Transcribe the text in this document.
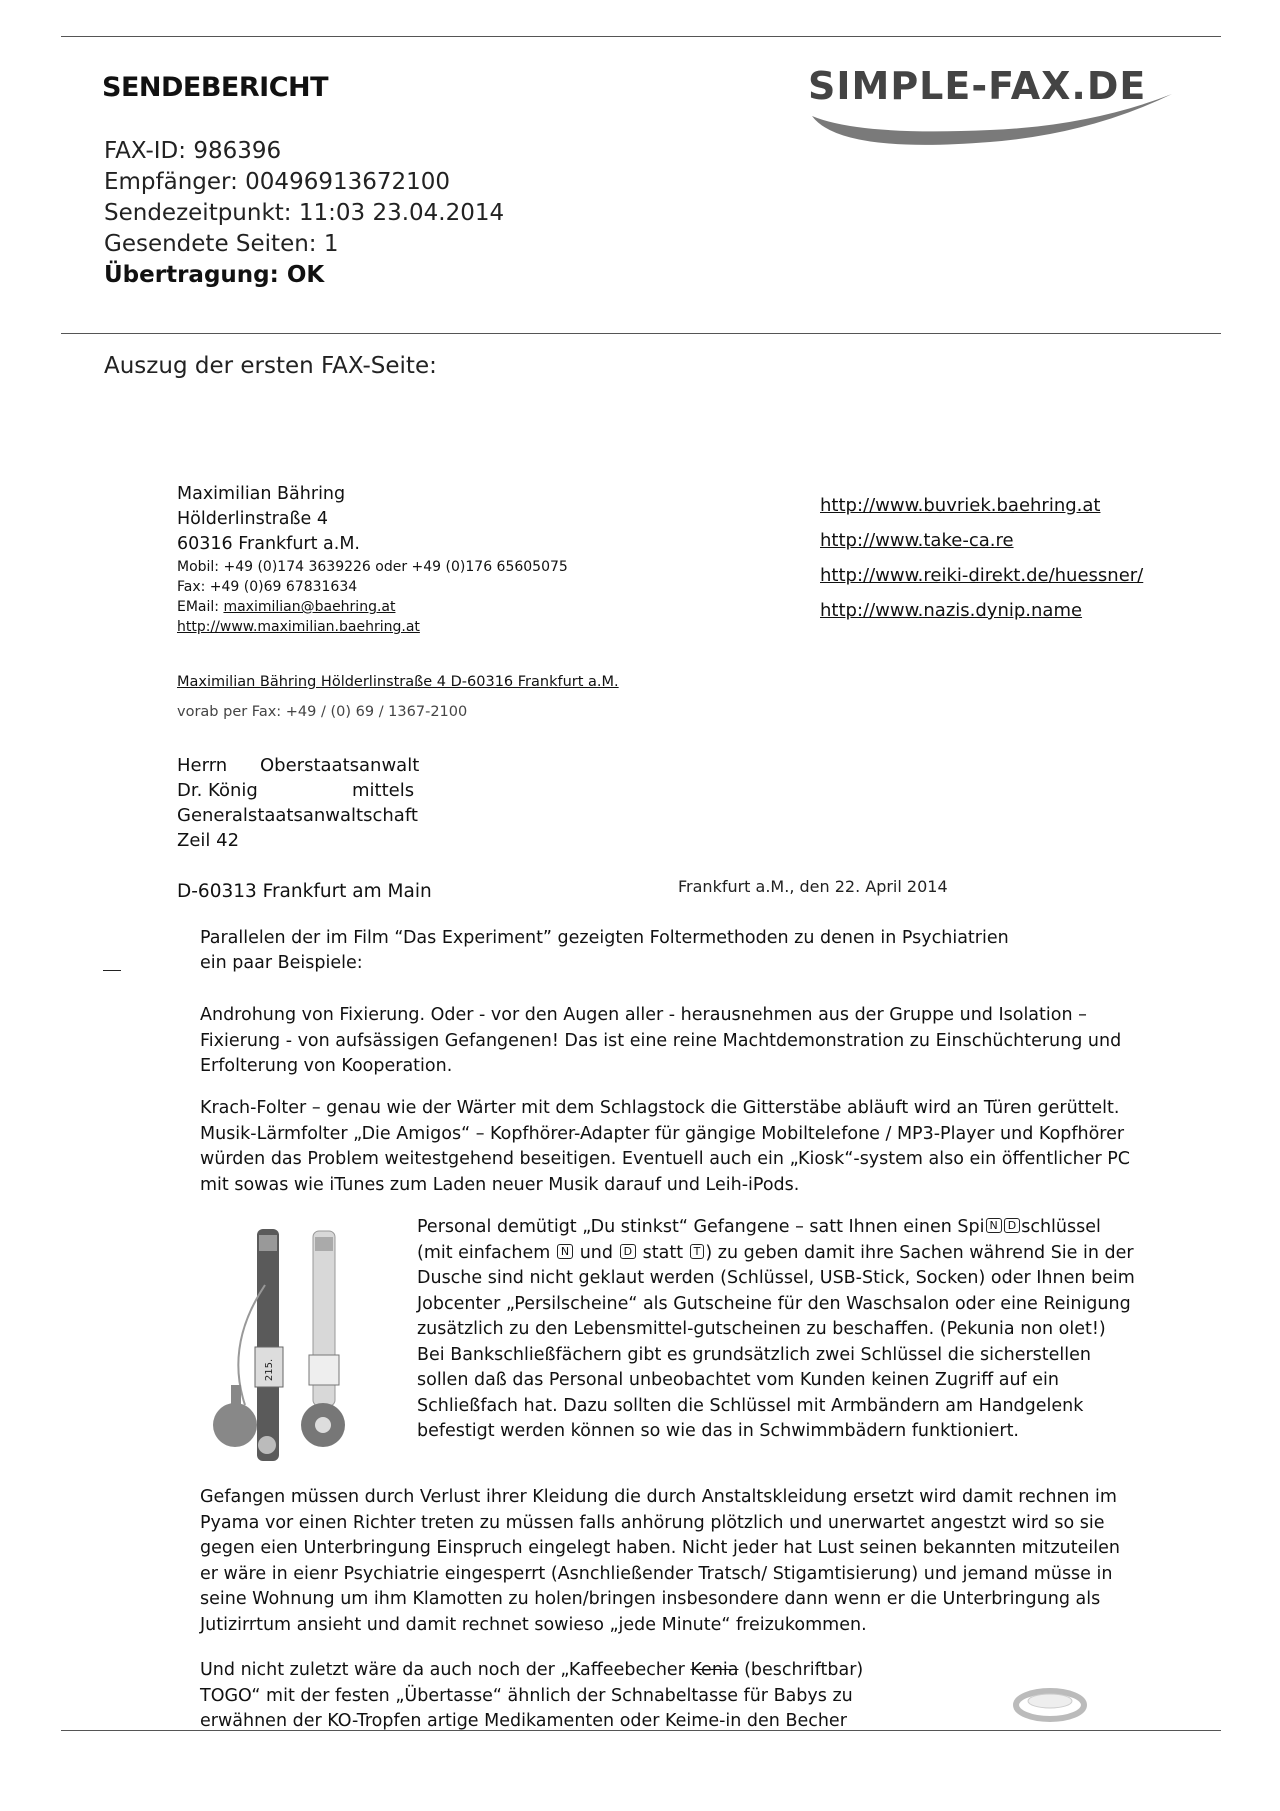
SENDEBERICHT	SIMPLE-FAX.DE
FAX-ID: 986396
Empfänger: 00496913672100
Sendezeitpunkt: 11:03 23.04.2014
Gesendete Seiten: 1
Übertragung: OK
Auszug der ersten FAX-Seite:
Maximilian Bähring
Hölderlinstraße 4
60316 Frankfurt a.M.
Mobil: +49 (0)174 3639226 oder +49 (0)176 65605075
Fax: +49 (0)69 67831634
EMail: maximilian@baehring.at
http://www.maximilian.baehring.at
http://www.buvriek.baehring.at
http://www.take-ca.re
http://www.reiki-direkt.de/huessner/
http://www.nazis.dynip.name
Maximilian Bähring Hölderlinstraße 4 D-60316 Frankfurt a.M.
vorab per Fax: +49 / (0) 69 / 1367-2100
Herrn	Oberstaatsanwalt
Dr. König	mittels
Generalstaatsanwaltschaft
Zeil 42
D-60313 Frankfurt am Main	Frankfurt a.M., den 22. April 2014
Parallelen der im Film “Das Experiment” gezeigten Foltermethoden zu denen in Psychiatrien
ein paar Beispiele:

Androhung von Fixierung. Oder - vor den Augen aller - herausnehmen aus der Gruppe und Isolation – Fixierung - von aufsässigen Gefangenen! Das ist eine reine Machtdemonstration zu Einschüchterung und Erfolterung von Kooperation.

Krach-Folter – genau wie der Wärter mit dem Schlagstock die Gitterstäbe abläuft wird an Türen gerüttelt. Musik-Lärmfolter „Die Amigos“ – Kopfhörer-Adapter für gängige Mobiltelefone / MP3-Player und Kopfhörer würden das Problem weitestgehend beseitigen. Eventuell auch ein „Kiosk“-system also ein öffentlicher PC mit sowas wie iTunes zum Laden neuer Musik darauf und Leih-iPods.

215.

Personal demütigt „Du stinkst“ Gefangene – satt Ihnen einen Spi N D schlüssel (mit einfachem N und D statt T ) zu geben damit ihre Sachen während Sie in der Dusche sind nicht geklaut werden (Schlüssel, USB-Stick, Socken) oder Ihnen beim Jobcenter „Persilscheine“ als Gutscheine für den Waschsalon oder eine Reinigung zusätzlich zu den Lebensmittel-gutscheinen zu beschaffen. (Pekunia non olet!) Bei Bankschließfächern gibt es grundsätzlich zwei Schlüssel die sicherstellen sollen daß das Personal unbeobachtet vom Kunden keinen Zugriff auf ein Schließfach hat. Dazu sollten die Schlüssel mit Armbändern am Handgelenk befestigt werden können so wie das in Schwimmbädern funktioniert.

Gefangen müssen durch Verlust ihrer Kleidung die durch Anstaltskleidung ersetzt wird damit rechnen im Pyama vor einen Richter treten zu müssen falls anhörung plötzlich und unerwartet angestzt wird so sie gegen eien Unterbringung Einspruch eingelegt haben. Nicht jeder hat Lust seinen bekannten mitzuteilen er wäre in eienr Psychiatrie eingesperrt (Asnchließender Tratsch/ Stigamtisierung) und jemand müsse in seine Wohnung um ihm Klamotten zu holen/bringen insbesondere dann wenn er die Unterbringung als Jutizirrtum ansieht und damit rechnet sowieso „jede Minute“ freizukommen.

Und nicht zuletzt wäre da auch noch der „Kaffeebecher Kenia (beschriftbar) TOGO“ mit der festen „Übertasse“ ähnlich der Schnabeltasse für Babys zu erwähnen der KO-Tropfen artige Medikamenten oder Keime-in den Becher
